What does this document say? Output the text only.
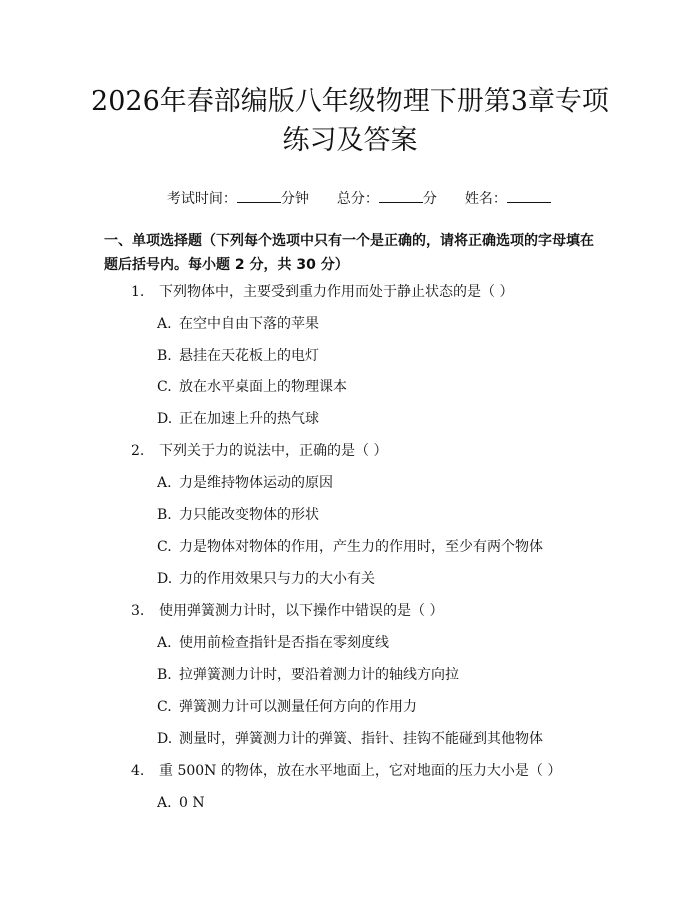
2026年春部编版八年级物理下册第3章专项练习及答案

考试时间：	分钟 总分：	分 姓名：

一、单项选择题（下列每个选项中只有一个是正确的，请将正确选项的字母填在题后括号内。每小题 2 分，共 30 分）

1. 下列物体中，主要受到重力作用而处于静止状态的是（ ）
A. 在空中自由下落的苹果
B. 悬挂在天花板上的电灯
C. 放在水平桌面上的物理课本
D. 正在加速上升的热气球
2. 下列关于力的说法中，正确的是（ ）
A. 力是维持物体运动的原因
B. 力只能改变物体的形状
C. 力是物体对物体的作用，产生力的作用时，至少有两个物体
D. 力的作用效果只与力的大小有关
3. 使用弹簧测力计时，以下操作中错误的是（ ）
A. 使用前检查指针是否指在零刻度线
B. 拉弹簧测力计时，要沿着测力计的轴线方向拉
C. 弹簧测力计可以测量任何方向的作用力
D. 测量时，弹簧测力计的弹簧、指针、挂钩不能碰到其他物体
4. 重 500N 的物体，放在水平地面上，它对地面的压力大小是（ ）
A. 0 N
